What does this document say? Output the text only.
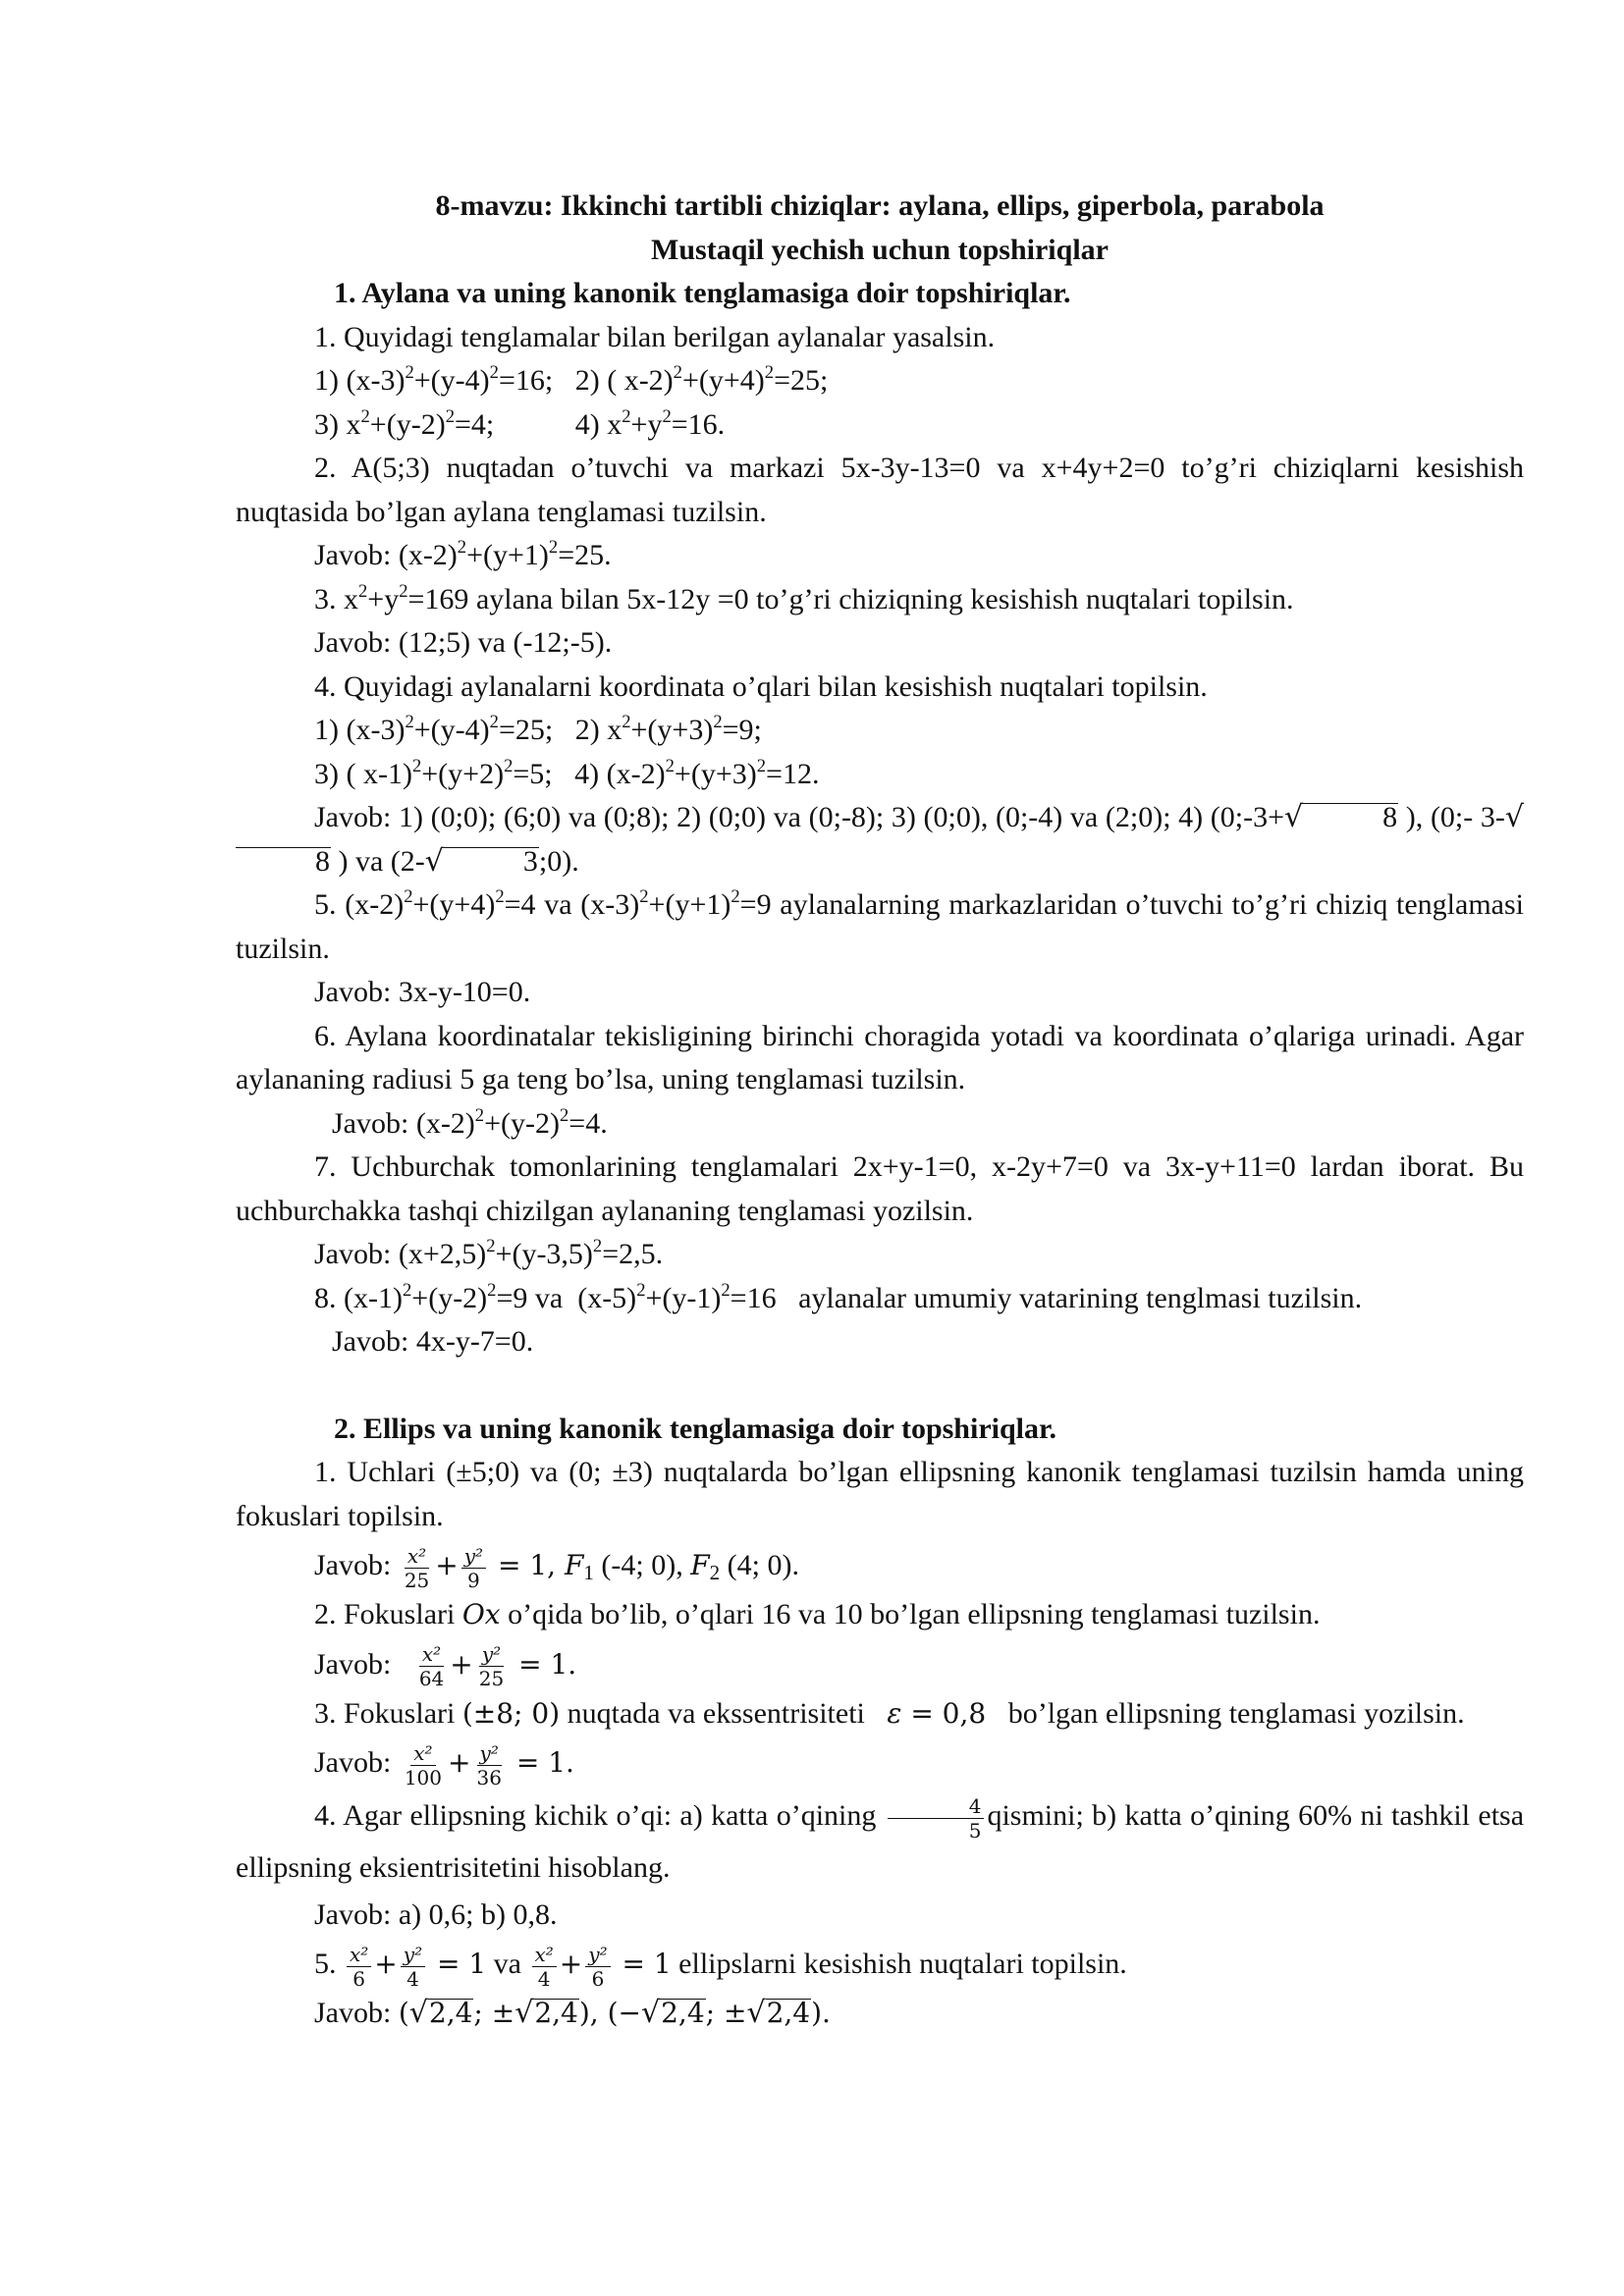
8-mavzu: Ikkinchi tartibli chiziqlar: aylana, ellips, giperbola, parabola
Mustaqil yechish uchun topshiriqlar
1. Aylana va uning kanonik tenglamasiga doir topshiriqlar.
1. Quyidagi tenglamalar bilan berilgan aylanalar yasalsin.
1) $(x-3)^2+(y-4)^2=16$;   2) ( $x-2)^2+(y+4)^2=25$;
3) $x^2+(y-2)^2=4$;           4) $x^2+y^2=16$.
2. A(5;3) nuqtadan o’tuvchi va markazi 5x-3y-13=0 va x+4y+2=0 to’g’ri chiziqlarni kesishish nuqtasida bo’lgan aylana tenglamasi tuzilsin.
Javob: $(x-2)^2+(y+1)^2=25$.
3. $x^2+y^2=169$ aylana bilan 5x-12y =0 to’g’ri chiziqning kesishish nuqtalari topilsin.
Javob: (12;5) va (-12;-5).
4. Quyidagi aylanalarni koordinata o’qlari bilan kesishish nuqtalari topilsin.
1) $(x-3)^2+(y-4)^2=25$;   2) $x^2+(y+3)^2=9$;
3) ( $x-1)^2+(y+2)^2=5$;   4) $(x-2)^2+(y+3)^2=12$.
Javob: 1) (0;0); (6;0) va (0;8); 2) (0;0) va (0;-8); 3) (0;0), (0;-4) va (2;0); 4) (0;-3+√	8 ), (0;- 3-√8 ) va (2-√	3;0).
5. $(x-2)^2+(y+4)^2=4$ va $(x-3)^2+(y+1)^2=9$ aylanalarning markazlaridan o’tuvchi to’g’ri chiziq tenglamasi tuzilsin.
Javob: 3x-y-10=0.
6. Aylana koordinatalar tekisligining birinchi choragida yotadi va koordinata o’qlariga urinadi. Agar aylananing radiusi 5 ga teng bo’lsa, uning tenglamasi tuzilsin.
Javob: $(x-2)^2+(y-2)^2=4$.
7. Uchburchak tomonlarining tenglamalari 2x+y-1=0, x-2y+7=0 va 3x-y+11=0 lardan iborat. Bu uchburchakka tashqi chizilgan aylananing tenglamasi yozilsin.
Javob: $(x+2,5)^2+(y-3,5)^2=2,5$.
8. $(x-1)^2+(y-2)^2=9$ va  $(x-5)^2+(y-1)^2=16$   aylanalar umumiy vatarining tenglmasi tuzilsin.
Javob: 4x-y-7=0.
2. Ellips va uning kanonik tenglamasiga doir topshiriqlar.
1. Uchlari (±5;0) va (0; ±3) nuqtalarda bo’lgan ellipsning kanonik tenglamasi tuzilsin hamda uning fokuslari topilsin.
Javob: $\frac{\text{x²}}{25} + \frac{\text{y²}}{9} = 1$, $F_1$ (-4; 0), $F_2$ (4; 0).
2. Fokuslari Ox o’qida bo’lib, o’qlari 16 va 10 bo’lgan ellipsning tenglamasi tuzilsin.
Javob: $\frac{\text{x²}}{64} + \frac{\text{y²}}{25} = 1$.
3. Fokuslari (±8; 0) nuqtada va ekssentrisiteti ε = 0,8 bo’lgan ellipsning tenglamasi yozilsin.
Javob: $\frac{\text{x²}}{100} + \frac{\text{y²}}{36} = 1$.
4. Agar ellipsning kichik o’qi: a) katta o’qining $\frac{4}{5} qismini$; b) katta o’qining 60% ni tashkil etsa ellipsning eksientrisitetini hisoblang.
Javob: a) 0,6; b) 0,8.
5. $\frac{\text{x²}}{6} + \frac{\text{y²}}{4} = 1$ va $\frac{\text{x²}}{4} + \frac{\text{y²}}{6} = 1$ ellipslarni kesishish nuqtalari topilsin.
Javob: (√2,4; ±√2,4), (−√2,4; ±√2,4).
